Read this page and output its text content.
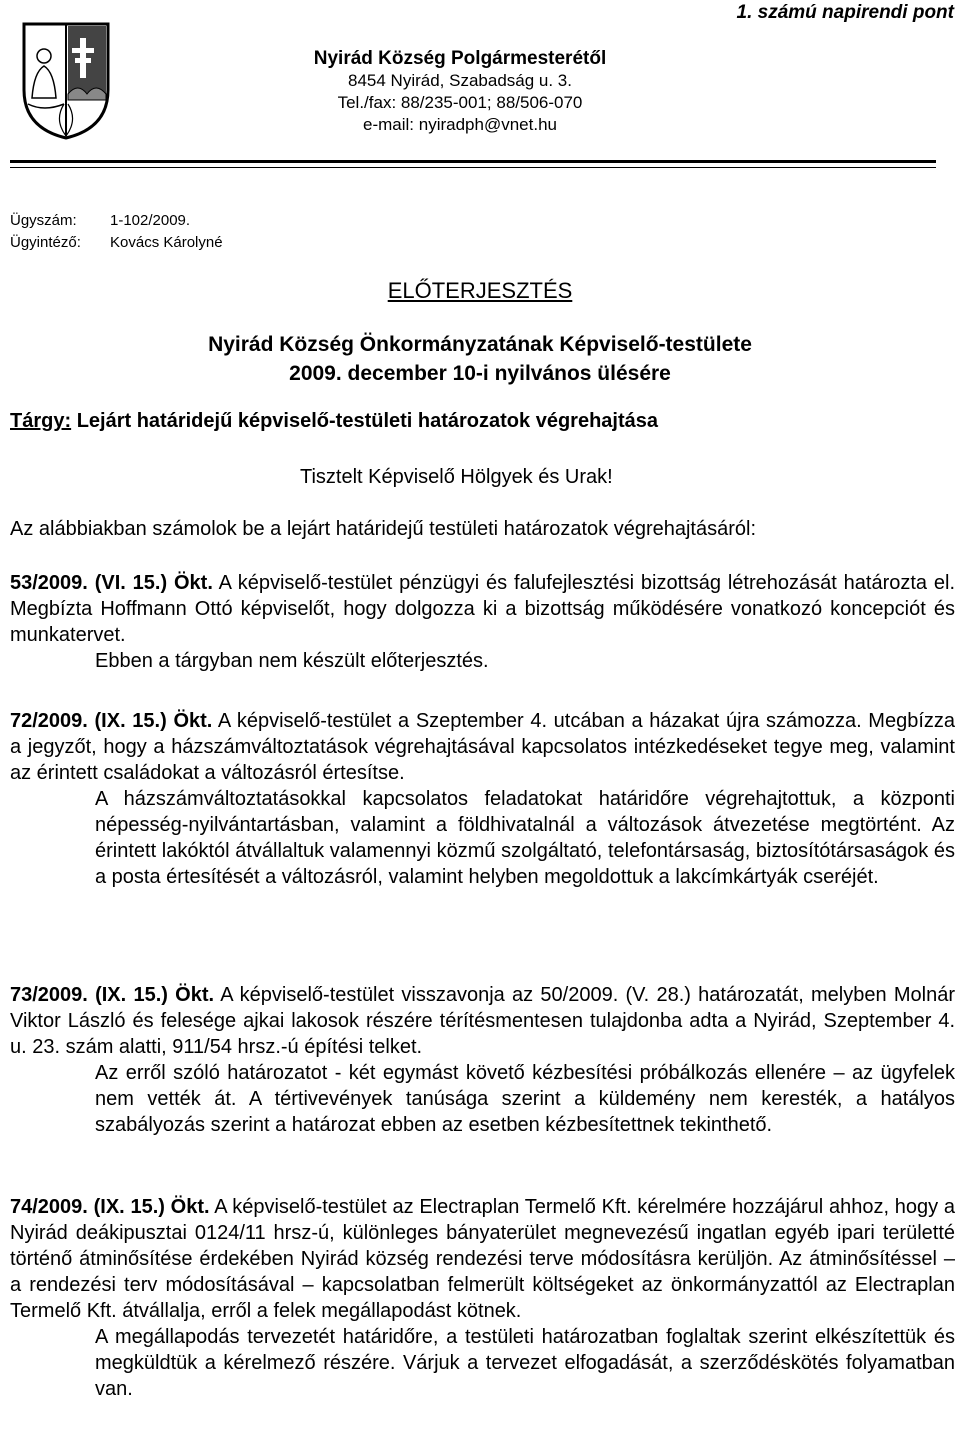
1. számú napirendi pont
Nyirád Község Polgármesterétől
8454 Nyirád, Szabadság u. 3.
Tel./fax: 88/235-001; 88/506-070
e-mail: nyiradph@vnet.hu
Ügyszám: 1-102/2009.
Ügyintéző: Kovács Károlyné
ELŐTERJESZTÉS
Nyirád Község Önkormányzatának Képviselő-testülete
2009. december 10-i nyilvános ülésére
Tárgy: Lejárt határidejű képviselő-testületi határozatok végrehajtása
Tisztelt Képviselő Hölgyek és Urak!
Az alábbiakban számolok be a lejárt határidejű testületi határozatok végrehajtásáról:

53/2009. (VI. 15.) Ökt. A képviselő-testület pénzügyi és falufejlesztési bizottság létrehozását határozta el. Megbízta Hoffmann Ottó képviselőt, hogy dolgozza ki a bizottság működésére vonatkozó koncepciót és munkatervet.

Ebben a tárgyban nem készült előterjesztés.

72/2009. (IX. 15.) Ökt. A képviselő-testület a Szeptember 4. utcában a házakat újra számozza. Megbízza a jegyzőt, hogy a házszámváltoztatások végrehajtásával kapcsolatos intézkedéseket tegye meg, valamint az érintett családokat a változásról értesítse.

A házszámváltoztatásokkal kapcsolatos feladatokat határidőre végrehajtottuk, a központi népesség-nyilvántartásban, valamint a földhivatalnál a változások átvezetése megtörtént. Az érintett lakóktól átvállaltuk valamennyi közmű szolgáltató, telefontársaság, biztosítótársaságok és a posta értesítését a változásról, valamint helyben megoldottuk a lakcímkártyák cseréjét.

73/2009. (IX. 15.) Ökt. A képviselő-testület visszavonja az 50/2009. (V. 28.) határozatát, melyben Molnár Viktor László és felesége ajkai lakosok részére térítésmentesen tulajdonba adta a Nyirád, Szeptember 4. u. 23. szám alatti, 911/54 hrsz.-ú építési telket.

Az erről szóló határozatot - két egymást követő kézbesítési próbálkozás ellenére – az ügyfelek nem vették át. A tértivevények tanúsága szerint a küldemény nem keresték, a hatályos szabályozás szerint a határozat ebben az esetben kézbesítettnek tekinthető.

74/2009. (IX. 15.) Ökt. A képviselő-testület az Electraplan Termelő Kft. kérelmére hozzájárul ahhoz, hogy a Nyirád deákipusztai 0124/11 hrsz-ú, különleges bányaterület megnevezésű ingatlan egyéb ipari területté történő átminősítése érdekében Nyirád község rendezési terve módosításra kerüljön. Az átminősítéssel – a rendezési terv módosításával – kapcsolatban felmerült költségeket az önkormányzattól az Electraplan Termelő Kft. átvállalja, erről a felek megállapodást kötnek.

A megállapodás tervezetét határidőre, a testületi határozatban foglaltak szerint elkészítettük és megküldtük a kérelmező részére. Várjuk a tervezet elfogadását, a szerződéskötés folyamatban van.
